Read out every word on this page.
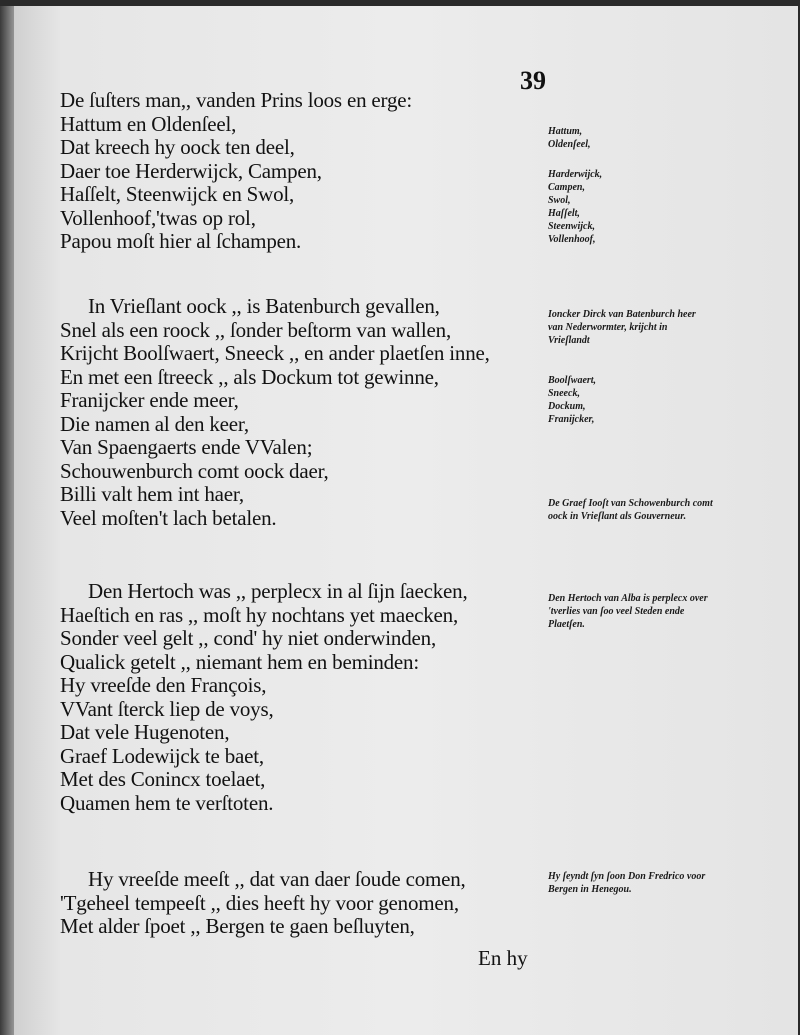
39
De ſuſters man,, vanden Prins loos en erge:
Hattum en Oldenſeel,
Dat kreech hy oock ten deel,
Daer toe Herderwijck, Campen,
Haſſelt, Steenwijck en Swol,
Vollenhoof,'twas op rol,
Papou moſt hier al ſchampen.
In Vrieſlant oock ,, is Batenburch gevallen,
Snel als een roock ,, ſonder beſtorm van wallen,
Krijcht Boolſwaert, Sneeck ,, en ander plaetſen inne,
En met een ſtreeck ,, als Dockum tot gewinne,
Franijcker ende meer,
Die namen al den keer,
Van Spaengaerts ende VValen;
Schouwenburch comt oock daer,
Billi valt hem int haer,
Veel moſten't lach betalen.
Den Hertoch was ,, perplecx in al ſijn ſaecken,
Haeſtich en ras ,, moſt hy nochtans yet maecken,
Sonder veel gelt ,, cond' hy niet onderwinden,
Qualick getelt ,, niemant hem en beminden:
Hy vreeſde den François,
VVant ſterck liep de voys,
Dat vele Hugenoten,
Graef Lodewijck te baet,
Met des Conincx toelaet,
Quamen hem te verſtoten.
Hy vreeſde meeſt ,, dat van daer ſoude comen,
'Tgeheel tempeeſt ,, dies heeft hy voor genomen,
Met alder ſpoet ,, Bergen te gaen beſluyten,
Hattum,
Oldenſeel,
Harderwijck,
Campen,
Swol,
Haſſelt,
Steenwijck,
Vollenhoof,
Ioncker Dirck van Batenburch heer van Nederwormter, krijcht in Vrieſlandt
Boolſwaert,
Sneeck,
Dockum,
Franijcker,
De Graef Iooſt van Schowenburch comt oock in Vrieſlant als Gouverneur.
Den Hertoch van Alba is perplecx over 'tverlies van ſoo veel Steden ende Plaetſen.
Hy ſeyndt ſyn ſoon Don Fredrico voor Bergen in Henegou.
En hy
